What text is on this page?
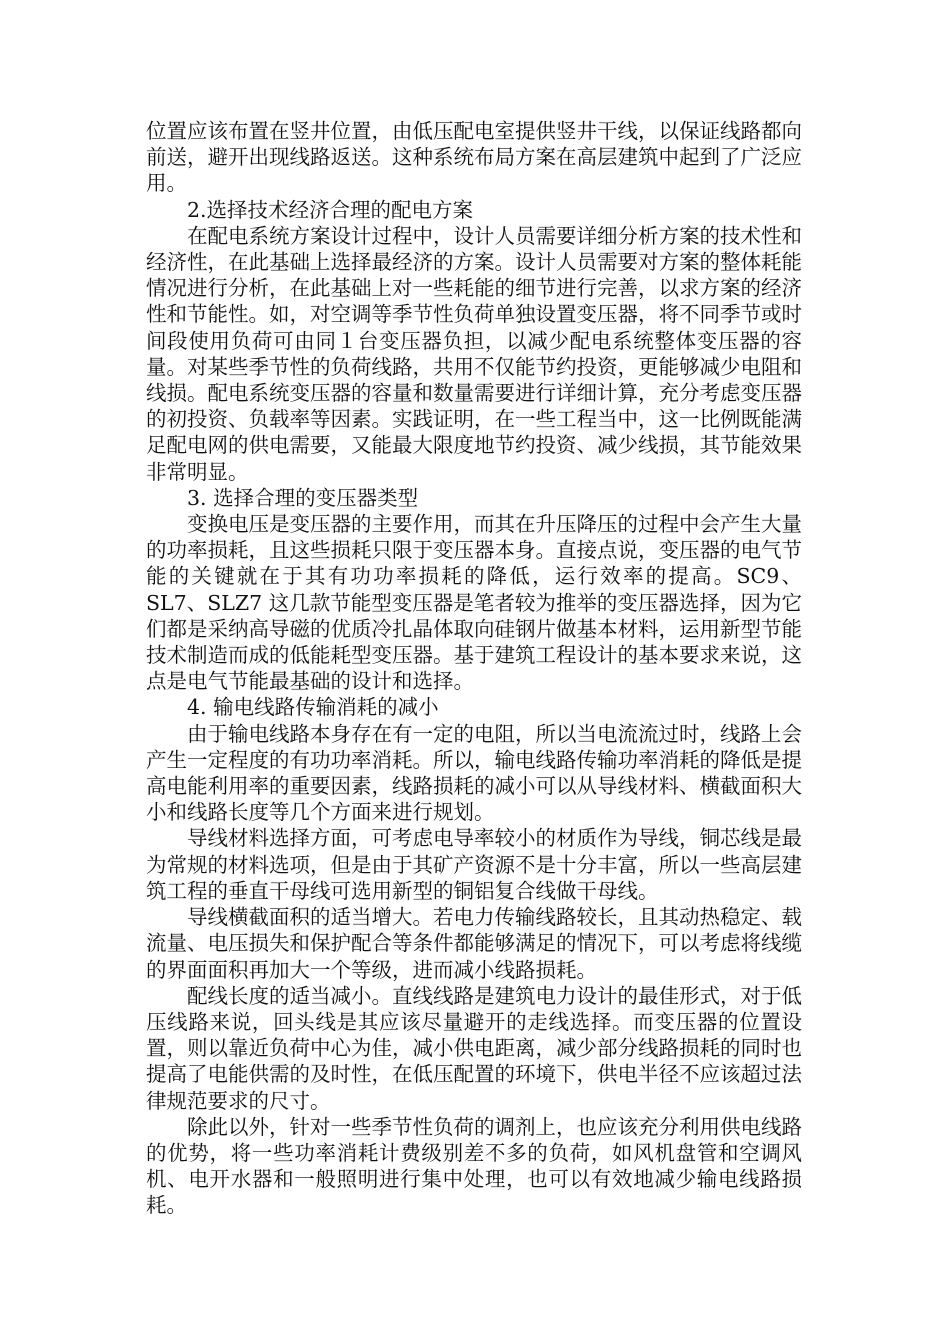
位置应该布置在竖井位置，由低压配电室提供竖井干线，以保证线路都向前送，避开出现线路返送。这种系统布局方案在高层建筑中起到了广泛应用。

2.选择技术经济合理的配电方案

在配电系统方案设计过程中，设计人员需要详细分析方案的技术性和经济性，在此基础上选择最经济的方案。设计人员需要对方案的整体耗能情况进行分析，在此基础上对一些耗能的细节进行完善，以求方案的经济性和节能性。如，对空调等季节性负荷单独设置变压器，将不同季节或时间段使用负荷可由同１台变压器负担，以减少配电系统整体变压器的容量。对某些季节性的负荷线路，共用不仅能节约投资，更能够减少电阻和线损。配电系统变压器的容量和数量需要进行详细计算，充分考虑变压器的初投资、负载率等因素。实践证明，在一些工程当中，这一比例既能满足配电网的供电需要，又能最大限度地节约投资、减少线损，其节能效果非常明显。

3. 选择合理的变压器类型

变换电压是变压器的主要作用，而其在升压降压的过程中会产生大量的功率损耗，且这些损耗只限于变压器本身。直接点说，变压器的电气节能的关键就在于其有功功率损耗的降低，运行效率的提高。SC9、SL7、SLZ7 这几款节能型变压器是笔者较为推举的变压器选择，因为它们都是采纳高导磁的优质冷扎晶体取向硅钢片做基本材料，运用新型节能技术制造而成的低能耗型变压器。基于建筑工程设计的基本要求来说，这点是电气节能最基础的设计和选择。

4. 输电线路传输消耗的减小

由于输电线路本身存在有一定的电阻，所以当电流流过时，线路上会产生一定程度的有功功率消耗。所以，输电线路传输功率消耗的降低是提高电能利用率的重要因素，线路损耗的减小可以从导线材料、横截面积大小和线路长度等几个方面来进行规划。

导线材料选择方面，可考虑电导率较小的材质作为导线，铜芯线是最为常规的材料选项，但是由于其矿产资源不是十分丰富，所以一些高层建筑工程的垂直干母线可选用新型的铜铝复合线做干母线。

导线横截面积的适当增大。若电力传输线路较长，且其动热稳定、载流量、电压损失和保护配合等条件都能够满足的情况下，可以考虑将线缆的界面面积再加大一个等级，进而减小线路损耗。

配线长度的适当减小。直线线路是建筑电力设计的最佳形式，对于低压线路来说，回头线是其应该尽量避开的走线选择。而变压器的位置设置，则以靠近负荷中心为佳，减小供电距离，减少部分线路损耗的同时也提高了电能供需的及时性，在低压配置的环境下，供电半径不应该超过法律规范要求的尺寸。

除此以外，针对一些季节性负荷的调剂上，也应该充分利用供电线路的优势，将一些功率消耗计费级别差不多的负荷，如风机盘管和空调风机、电开水器和一般照明进行集中处理，也可以有效地减少输电线路损耗。
